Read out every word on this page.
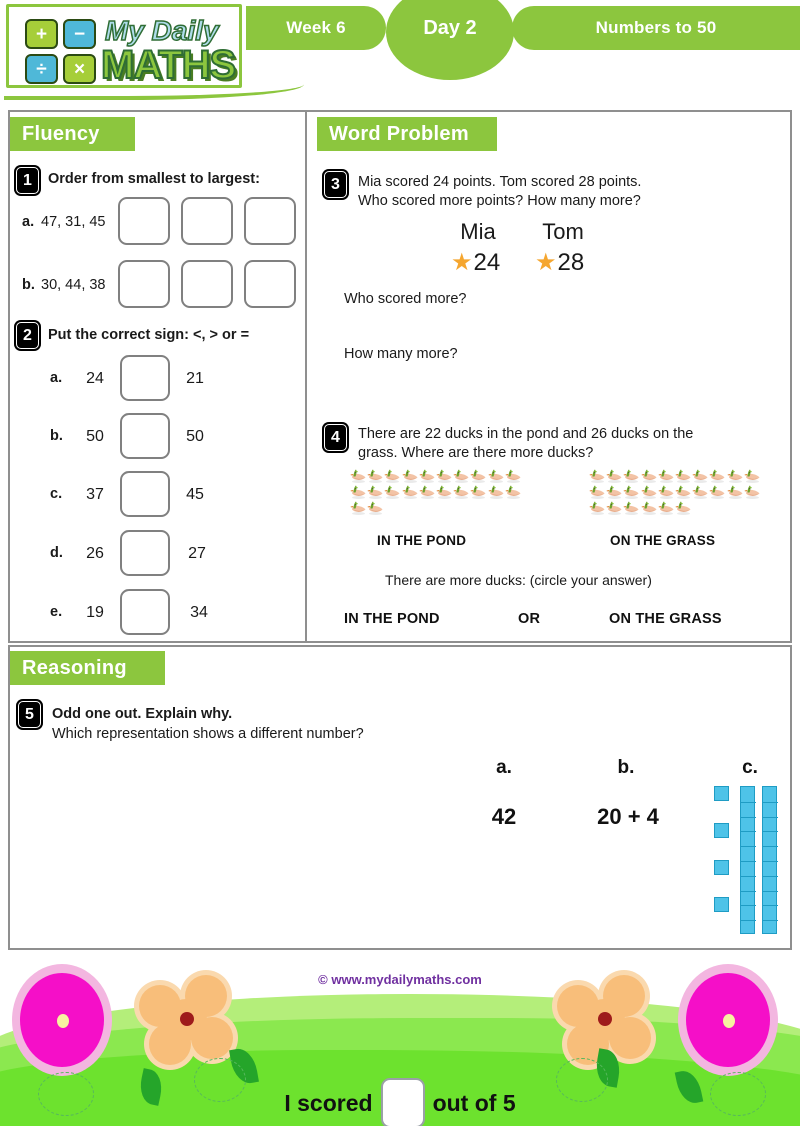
Week 6	Day 2	Numbers to 50
+	−
÷	×
My Daily
MATHS
Fluency	Word Problem
1	Order from smallest to largest:
a. 47, 31, 45
b. 30, 44, 38
2	Put the correct sign: <, > or =
a.	24	21
b.	50	50
c.	37	45
d.	26	27
e.	19	34
3	Mia scored 24 points. Tom scored 28 points.
Who scored more points? How many more?
Mia	Tom
★ 24 ★ 28
Who scored more?
How many more?
4	There are 22 ducks in the pond and 26 ducks on the
grass. Where are there more ducks?
IN THE POND	ON THE GRASS
There are more ducks: (circle your answer)
IN THE POND	OR	ON THE GRASS
Reasoning
5	Odd one out. Explain why.
Which representation shows a different number?
a.	b.	c.
42	20 + 4
© www.mydailymaths.com
I scored	out of 5
